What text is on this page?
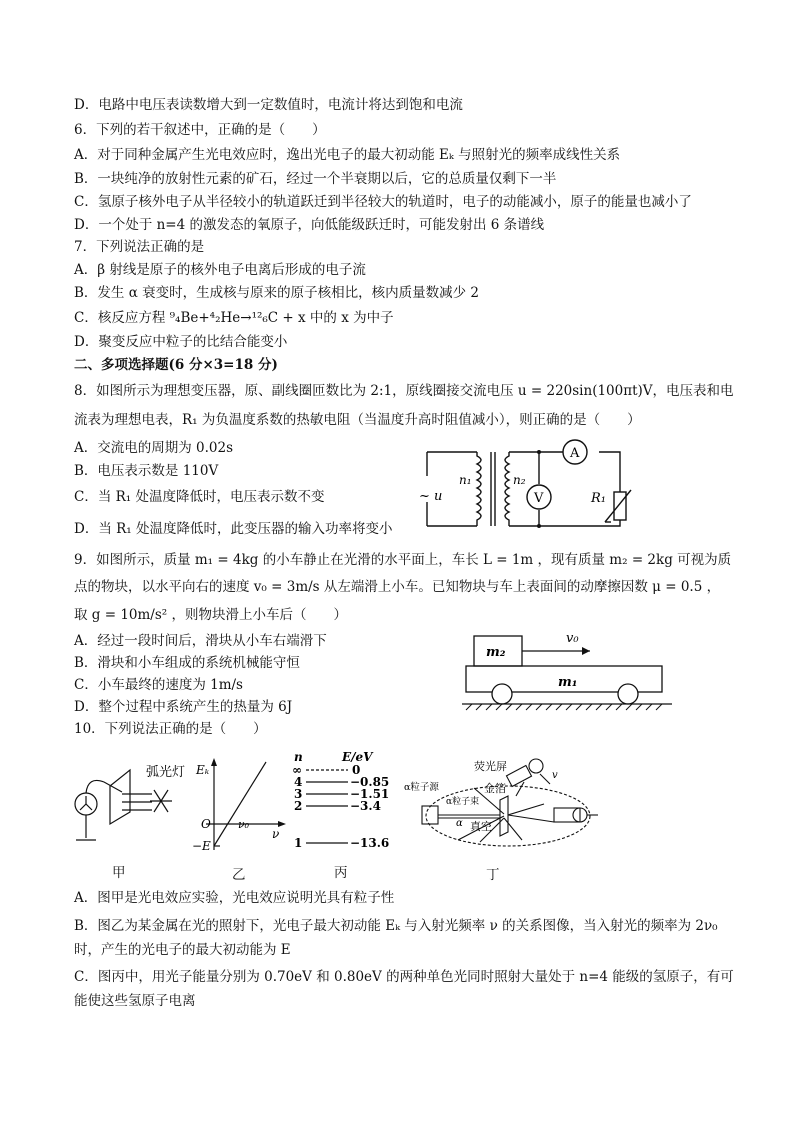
D．电路中电压表读数增大到一定数值时，电流计将达到饱和电流
6．下列的若干叙述中，正确的是（　　）
A．对于同种金属产生光电效应时，逸出光电子的最大初动能 Eₖ 与照射光的频率成线性关系
B．一块纯净的放射性元素的矿石，经过一个半衰期以后，它的总质量仅剩下一半
C．氢原子核外电子从半径较小的轨道跃迁到半径较大的轨道时，电子的动能减小，原子的能量也减小了
D．一个处于 n=4 的激发态的氧原子，向低能级跃迁时，可能发射出 6 条谱线
7．下列说法正确的是
A．β 射线是原子的核外电子电离后形成的电子流
B．发生 α 衰变时，生成核与原来的原子核相比，核内质量数减少 2
C．核反应方程 ⁹₄Be+⁴₂He→¹²₆C + x 中的 x 为中子
D．聚变反应中粒子的比结合能变小
二、多项选择题(6 分×3=18 分)
8．如图所示为理想变压器，原、副线圈匝数比为 2:1，原线圈接交流电压 u = 220sin(100πt)V，电压表和电
流表为理想电表，R₁ 为负温度系数的热敏电阻（当温度升高时阻值减小），则正确的是（　　）
A．交流电的周期为 0.02s
B．电压表示数是 110V
C．当 R₁ 处温度降低时，电压表示数不变
D．当 R₁ 处温度降低时，此变压器的输入功率将变小
9．如图所示，质量 m₁ = 4kg 的小车静止在光滑的水平面上，车长 L = 1m ，现有质量 m₂ = 2kg 可视为质
点的物块，以水平向右的速度 v₀ = 3m/s 从左端滑上小车。已知物块与车上表面间的动摩擦因数 μ = 0.5 ，
取 g = 10m/s² ，则物块滑上小车后（　　）
A．经过一段时间后，滑块从小车右端滑下
B．滑块和小车组成的系统机械能守恒
C．小车最终的速度为 1m/s
D．整个过程中系统产生的热量为 6J
10．下列说法正确的是（　　）
A．图甲是光电效应实验，光电效应说明光具有粒子性
B．图乙为某金属在光的照射下，光电子最大初动能 Eₖ 与入射光频率 ν 的关系图像，当入射光的频率为 2ν₀
时，产生的光电子的最大初动能为 E
C．图丙中，用光子能量分别为 0.70eV 和 0.80eV 的两种单色光同时照射大量处于 n=4 能级的氢原子，有可
能使这些氢原子电离
~ u
n₁	n₂
V
A
R₁
m₂
m₁
v₀
弧光灯
甲
Eₖ
O ν₀
ν
−E
乙
n	E/eV
∞	0
4	−0.85
3	−1.51
2	−3.4
1	−13.6
丙
荧光屏
α粒子源
α粒子束
金箔
真空
α
v
丁
